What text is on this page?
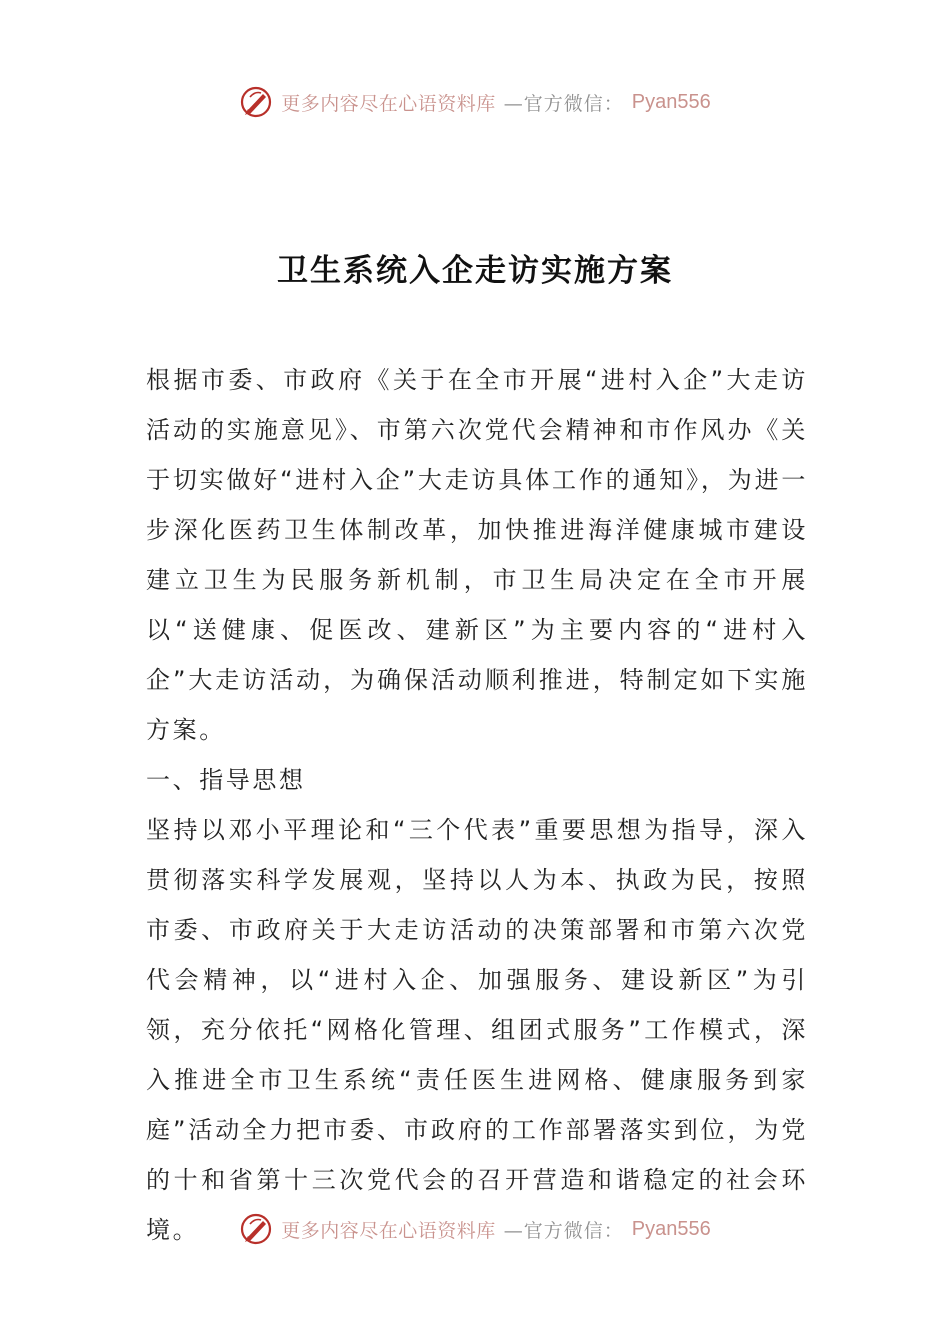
更多内容尽在心语资料库 —官方微信： Pyan556
卫生系统入企走访实施方案

根据市委、市政府《关于在全市开展“进村入企”大走访活动的实施意见》、市第六次党代会精神和市作风办《关于切实做好“进村入企”大走访具体工作的通知》，为进一步深化医药卫生体制改革，加快推进海洋健康城市建设建立卫生为民服务新机制，市卫生局决定在全市开展以“送健康、促医改、建新区”为主要内容的“进村入企”大走访活动，为确保活动顺利推进，特制定如下实施方案。

一、指导思想

坚持以邓小平理论和“三个代表”重要思想为指导，深入贯彻落实科学发展观，坚持以人为本、执政为民，按照市委、市政府关于大走访活动的决策部署和市第六次党代会精神，以“进村入企、加强服务、建设新区”为引领，充分依托“网格化管理、组团式服务”工作模式，深入推进全市卫生系统“责任医生进网格、健康服务到家庭”活动全力把市委、市政府的工作部署落实到位，为党的十和省第十三次党代会的召开营造和谐稳定的社会环境。	更多内容尽在心语资料库 —官方微信： Pyan556
